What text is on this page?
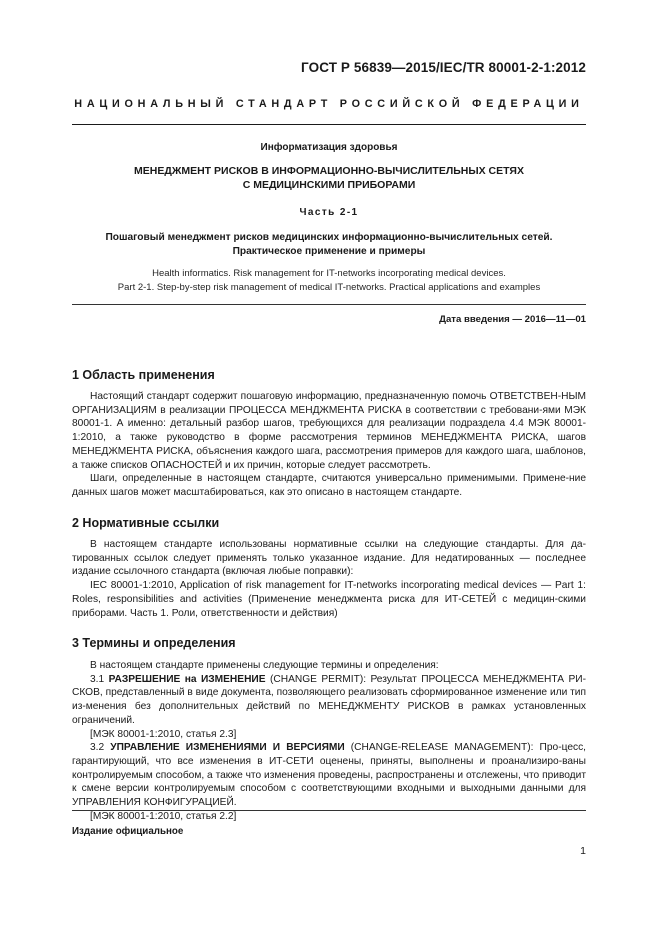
ГОСТ Р 56839—2015/IEC/TR 80001-2-1:2012
НАЦИОНАЛЬНЫЙ СТАНДАРТ РОССИЙСКОЙ ФЕДЕРАЦИИ
Информатизация здоровья
МЕНЕДЖМЕНТ РИСКОВ В ИНФОРМАЦИОННО-ВЫЧИСЛИТЕЛЬНЫХ СЕТЯХ
С МЕДИЦИНСКИМИ ПРИБОРАМИ
Часть 2-1
Пошаговый менеджмент рисков медицинских информационно-вычислительных сетей.
Практическое применение и примеры
Health informatics. Risk management for IT-networks incorporating medical devices.
Part 2-1. Step-by-step risk management of medical IT-networks. Practical applications and examples
Дата введения — 2016—11—01
1 Область применения

Настоящий стандарт содержит пошаговую информацию, предназначенную помочь ОТВЕТСТВЕН-НЫМ ОРГАНИЗАЦИЯМ в реализации ПРОЦЕССА МЕНДЖМЕНТА РИСКА в соответствии с требовани-ями МЭК 80001-1. А именно: детальный разбор шагов, требующихся для реализации подраздела 4.4 МЭК 80001-1:2010, а также руководство в форме рассмотрения терминов МЕНЕДЖМЕНТА РИСКА, шагов МЕНЕДЖМЕНТА РИСКА, объяснения каждого шага, рассмотрения примеров для каждого шага, шаблонов, а также списков ОПАСНОСТЕЙ и их причин, которые следует рассмотреть.

Шаги, определенные в настоящем стандарте, считаются универсально применимыми. Примене-ние данных шагов может масштабироваться, как это описано в настоящем стандарте.

2 Нормативные ссылки

В настоящем стандарте использованы нормативные ссылки на следующие стандарты. Для да-тированных ссылок следует применять только указанное издание. Для недатированных — последнее издание ссылочного стандарта (включая любые поправки):

IEC 80001-1:2010, Application of risk management for IT-networks incorporating medical devices — Part 1: Roles, responsibilities and activities (Применение менеджмента риска для ИТ-СЕТЕЙ с медицин-скими приборами. Часть 1. Роли, ответственности и действия)

3 Термины и определения

В настоящем стандарте применены следующие термины и определения:

3.1 РАЗРЕШЕНИЕ на ИЗМЕНЕНИЕ (CHANGE PERMIT): Результат ПРОЦЕССА МЕНЕДЖМЕНТА РИ-СКОВ, представленный в виде документа, позволяющего реализовать сформированное изменение или тип из-менения без дополнительных действий по МЕНЕДЖМЕНТУ РИСКОВ в рамках установленных ограничений.

[МЭК 80001-1:2010, статья 2.3]

3.2 УПРАВЛЕНИЕ ИЗМЕНЕНИЯМИ И ВЕРСИЯМИ (CHANGE-RELEASE MANAGEMENT): Про-цесс, гарантирующий, что все изменения в ИТ-СЕТИ оценены, приняты, выполнены и проанализиро-ваны контролируемым способом, а также что изменения проведены, распространены и отслежены, что приводит к смене версии контролируемым способом с соответствующими входными и выходными данными для УПРАВЛЕНИЯ КОНФИГУРАЦИЕЙ.

[МЭК 80001-1:2010, статья 2.2]

Издание официальное
1
